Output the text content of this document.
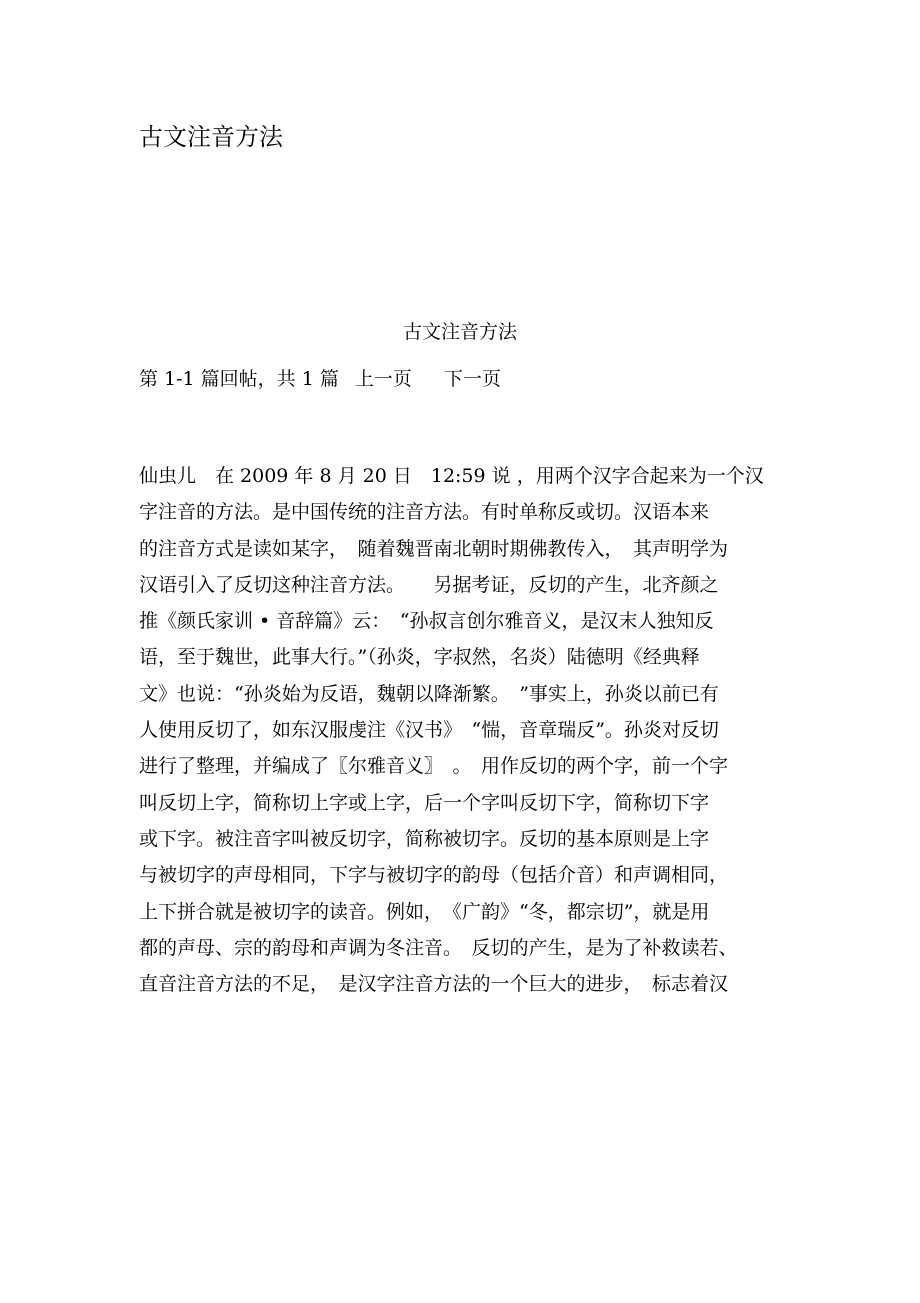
古文注音方法
古文注音方法
第 1-1 篇回帖，共 1 篇 上一页 下一页
仙虫儿　在 2009 年 8 月 20 日　12:59 说 ，用两个汉字合起来为一个汉
字注音的方法。是中国传统的注音方法。有时单称反或切。汉语本来
的注音方式是读如某字，　随着魏晋南北朝时期佛教传入，　其声明学为
汉语引入了反切这种注音方法。　　另据考证，反切的产生，北齐颜之
推《颜氏家训 • 音辞篇》云：　“孙叔言创尔雅音义，是汉末人独知反
语，至于魏世，此事大行。”（孙炎，字叔然，名炎）陆德明《经典释
文》也说：“孙炎始为反语，魏朝以降渐繁。　”事实上，孙炎以前已有
人使用反切了，如东汉服虔注《汉书》　“惴，音章瑞反”。孙炎对反切
进行了整理，并编成了〖尔雅音义〗　。　用作反切的两个字，前一个字
叫反切上字，简称切上字或上字，后一个字叫反切下字，简称切下字
或下字。被注音字叫被反切字，简称被切字。反切的基本原则是上字
与被切字的声母相同，下字与被切字的韵母（包括介音）和声调相同，
上下拼合就是被切字的读音。例如，　《广韵》“冬，都宗切”，就是用
都的声母、宗的韵母和声调为冬注音。　反切的产生，是为了补救读若、
直音注音方法的不足，　是汉字注音方法的一个巨大的进步，　标志着汉
